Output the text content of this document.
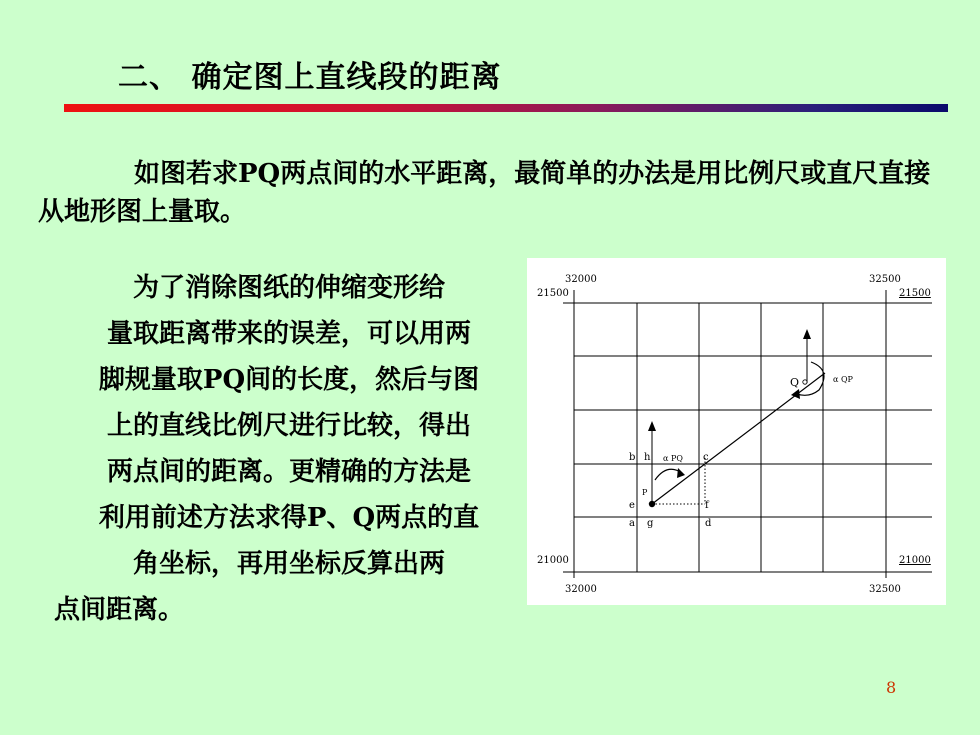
二、 确定图上直线段的距离
如图若求PQ两点间的水平距离，最简单的办法是用比例尺或直尺直接从地形图上量取。
为了消除图纸的伸缩变形给
量取距离带来的误差，可以用两
脚规量取PQ间的长度，然后与图
上的直线比例尺进行比较，得出
两点间的距离。更精确的方法是
利用前述方法求得P、Q两点的直
角坐标，再用坐标反算出两
点间距离。
32000	32500
21500	21500
21000	21000
32000	32500
Q	α QP
α PQ
P
b h	c
e	f
a g	d
8
